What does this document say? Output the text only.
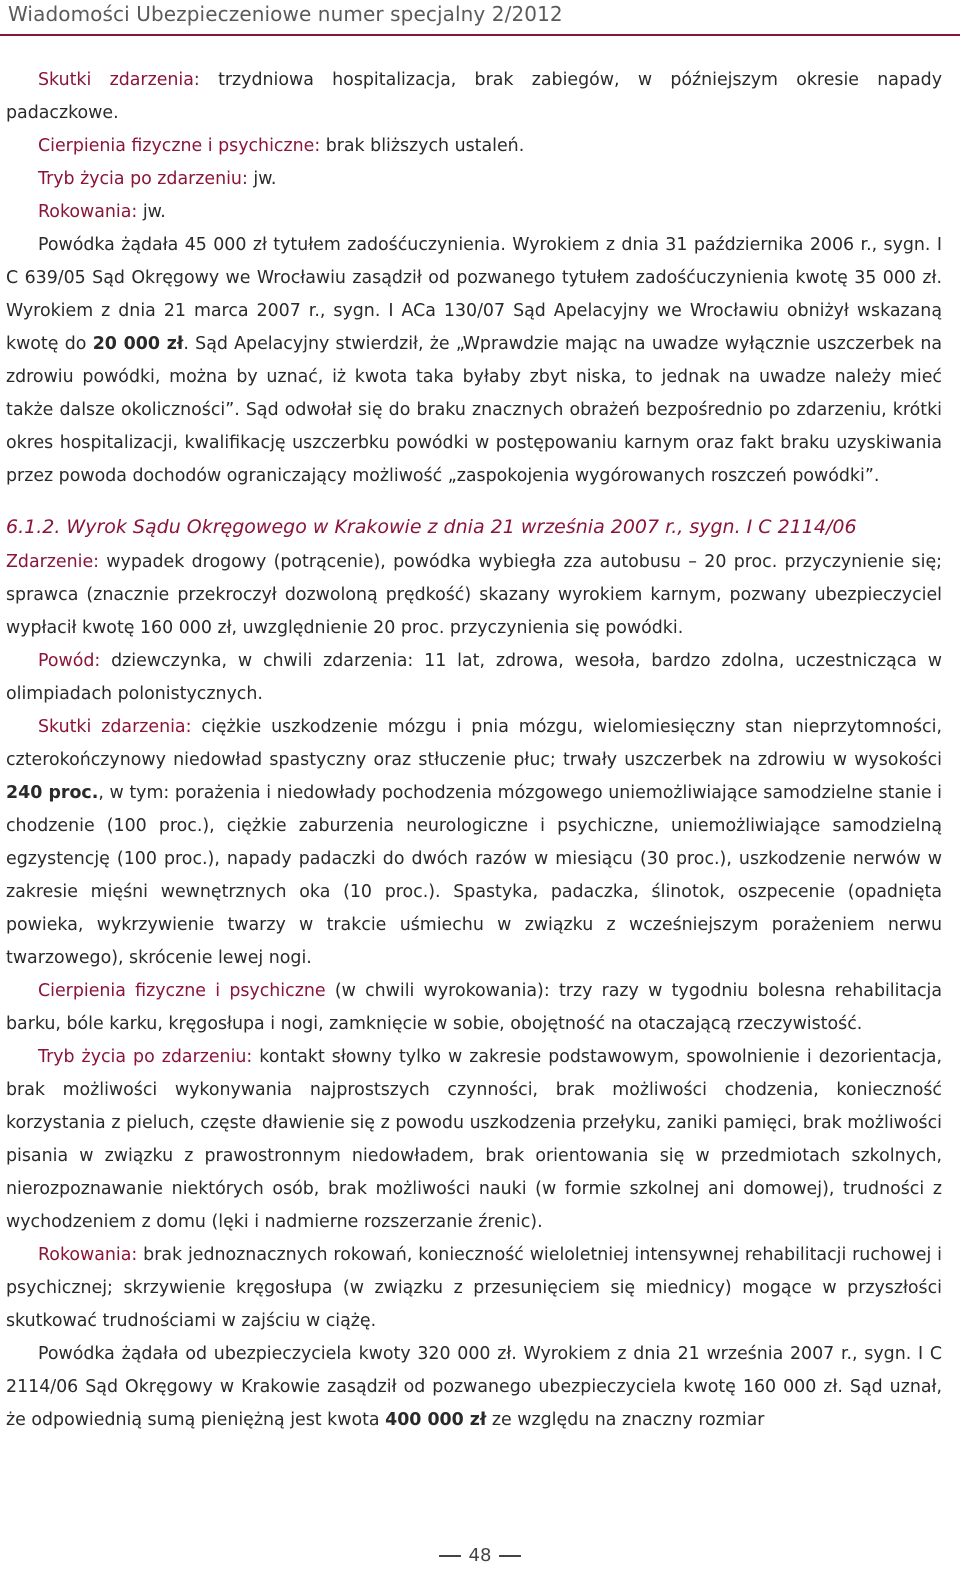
Wiadomości Ubezpieczeniowe numer specjalny 2/2012

Skutki zdarzenia: trzydniowa hospitalizacja, brak zabiegów, w późniejszym okresie napady padaczkowe.

Cierpienia fizyczne i psychiczne: brak bliższych ustaleń.

Tryb życia po zdarzeniu: jw.

Rokowania: jw.

Powódka żądała 45 000 zł tytułem zadośćuczynienia. Wyrokiem z dnia 31 października 2006 r., sygn. I C 639/05 Sąd Okręgowy we Wrocławiu zasądził od pozwanego tytułem zadośćuczynienia kwotę 35 000 zł. Wyrokiem z dnia 21 marca 2007 r., sygn. I ACa 130/07 Sąd Apelacyjny we Wrocławiu obniżył wskazaną kwotę do 20 000 zł. Sąd Apelacyjny stwierdził, że „Wprawdzie mając na uwadze wyłącznie uszczerbek na zdrowiu powódki, można by uznać, iż kwota taka byłaby zbyt niska, to jednak na uwadze należy mieć także dalsze okoliczności”. Sąd odwołał się do braku znacznych obrażeń bezpośrednio po zdarzeniu, krótki okres hospitalizacji, kwalifikację uszczerbku powódki w postępowaniu karnym oraz fakt braku uzyskiwania przez powoda dochodów ograniczający możliwość „zaspokojenia wygórowanych roszczeń powódki”.

6.1.2. Wyrok Sądu Okręgowego w Krakowie z dnia 21 września 2007 r., sygn. I C 2114/06

Zdarzenie: wypadek drogowy (potrącenie), powódka wybiegła zza autobusu – 20 proc. przyczynienie się; sprawca (znacznie przekroczył dozwoloną prędkość) skazany wyrokiem karnym, pozwany ubezpieczyciel wypłacił kwotę 160 000 zł, uwzględnienie 20 proc. przyczynienia się powódki.

Powód: dziewczynka, w chwili zdarzenia: 11 lat, zdrowa, wesoła, bardzo zdolna, uczestnicząca w olimpiadach polonistycznych.

Skutki zdarzenia: ciężkie uszkodzenie mózgu i pnia mózgu, wielomiesięczny stan nieprzytomności, czterokończynowy niedowład spastyczny oraz stłuczenie płuc; trwały uszczerbek na zdrowiu w wysokości 240 proc., w tym: porażenia i niedowłady pochodzenia mózgowego uniemożliwiające samodzielne stanie i chodzenie (100 proc.), ciężkie zaburzenia neurologiczne i psychiczne, uniemożliwiające samodzielną egzystencję (100 proc.), napady padaczki do dwóch razów w miesiącu (30 proc.), uszkodzenie nerwów w zakresie mięśni wewnętrznych oka (10 proc.). Spastyka, padaczka, ślinotok, oszpecenie (opadnięta powieka, wykrzywienie twarzy w trakcie uśmiechu w związku z wcześniejszym porażeniem nerwu twarzowego), skrócenie lewej nogi.

Cierpienia fizyczne i psychiczne (w chwili wyrokowania): trzy razy w tygodniu bolesna rehabilitacja barku, bóle karku, kręgosłupa i nogi, zamknięcie w sobie, obojętność na otaczającą rzeczywistość.

Tryb życia po zdarzeniu: kontakt słowny tylko w zakresie podstawowym, spowolnienie i dezorientacja, brak możliwości wykonywania najprostszych czynności, brak możliwości chodzenia, konieczność korzystania z pieluch, częste dławienie się z powodu uszkodzenia przełyku, zaniki pamięci, brak możliwości pisania w związku z prawostronnym niedowładem, brak orientowania się w przedmiotach szkolnych, nierozpoznawanie niektórych osób, brak możliwości nauki (w formie szkolnej ani domowej), trudności z wychodzeniem z domu (lęki i nadmierne rozszerzanie źrenic).

Rokowania: brak jednoznacznych rokowań, konieczność wieloletniej intensywnej rehabilitacji ruchowej i psychicznej; skrzywienie kręgosłupa (w związku z przesunięciem się miednicy) mogące w przyszłości skutkować trudnościami w zajściu w ciążę.

Powódka żądała od ubezpieczyciela kwoty 320 000 zł. Wyrokiem z dnia 21 września 2007 r., sygn. I C 2114/06 Sąd Okręgowy w Krakowie zasądził od pozwanego ubezpieczyciela kwotę 160 000 zł. Sąd uznał, że odpowiednią sumą pieniężną jest kwota 400 000 zł ze względu na znaczny rozmiar

48
